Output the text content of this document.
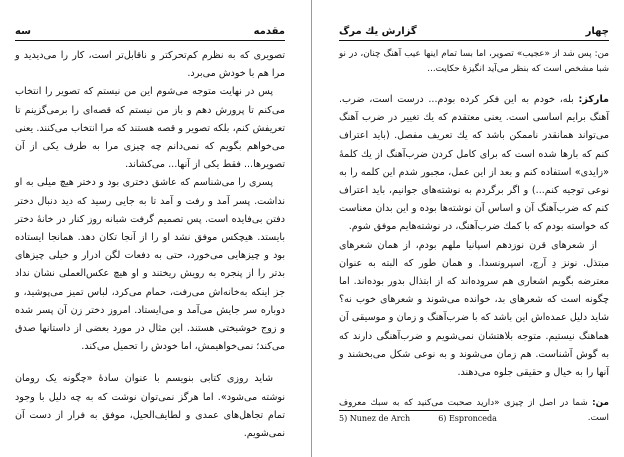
مقدمه
سه

تصویری که به نظرم کم‌تحرکتر و ناقابل‌تر است، کار را می‌دیدید و مرا هم با خودش می‌برد.

پس در نهایت متوجه می‌شوم این من نیستم که تصویر را انتخاب می‌کنم تا پرورش دهم و باز من نیستم که قصه‌ای را برمی‌گزینم تا تعریفش کنم، بلکه تصویر و قصه هستند که مرا انتخاب می‌کنند. یعنی می‌خواهم بگویم که نمی‌دانم چه چیزی مرا به طرف یکی از آن تصویرها... فقط یکی از آنها... می‌کشاند.

پسری را می‌شناسم که عاشق دختری بود و دختر هیچ میلی به او نداشت. پسر آمد و رفت و آمد تا به جایی رسید که دید دنبال دختر دفتن بی‌فایده است. پس تصمیم گرفت شبانه روز کنار در خانهٔ دختر بایستد. هیچکس موفق نشد او را از آنجا تکان دهد. همانجا ایستاده بود و چیزهایی می‌خورد، حتی به دفعات لگن ادرار و خیلی چیزهای بدتر را از پنجره به رویش ریختند و او هیچ عکس‌العملی نشان نداد جز اینکه به‌خانه‌اش می‌رفت، حمام می‌کرد، لباس تمیز می‌پوشید، و دوباره سر جایش می‌آمد و می‌ایستاد. امروز دختر زن آن پسر شده و زوج خوشبختی هستند. این مثال در مورد بعضی از داستانها صدق می‌کند؛ نمی‌خواهیمش، اما خودش را تحمیل می‌کند.

شاید روزی کتابی بنویسم با عنوان سادهٔ «چگونه یک رومان نوشته می‌شود». اما هرگز نمی‌توان نوشت که به چه دلیل با وجود تمام تجاهل‌های عمدی و لطایف‌الحیل، موفق به فرار از دست آن نمی‌شویم.

چهار
گزارش یك مرگ

من: پس شد از «عجیب» تصویر، اما بسا تمام اینها عیب آهنگ چنان، در نو شبا مشخص است که بنظر می‌آید انگیزهٔ حکایت...

مارکز: بله، خودم به این فکر کرده بودم... درست است، ضرب. آهنگ برایم اساسی است. یعنی معتقدم که یك تغییر در ضرب آهنگ می‌تواند همانقدر ناممکن باشد که یك تعریف مفصل. (باید اعتراف کنم که بارها شده است که برای کامل کردن ضرب‌آهنگ از یك کلمهٔ «زایدی» استفاده کنم و بعد از این عمل، مجبور شدم این کلمه را به نوعی توجیه کنم...) و اگر برگردم به نوشته‌های جوانیم، باید اعتراف کنم که ضرب‌آهنگ آن و اساس آن نوشته‌ها بوده و این بدان معناست که خواسته بودم که با کمك ضرب‌آهنگ، در نوشته‌هایم موفق شوم.

از شعرهای قرن نوزدهم اسپانیا ملهم بودم، از همان شعرهای مبتذل. نونز دِ آرچ، اسپرونسدا. و همان طور که البته به عنوان معترضه بگویم اشعاری هم سروده‌اند که از ابتذال بدور بوده‌اند. اما چگونه است که شعرهای بد، خوانده می‌شوند و شعرهای خوب نه؟ شاید دلیل عمده‌اش این باشد که با ضرب‌آهنگ و زمان و موسیقی آن هماهنگ نیستیم. متوجه بلاهتشان نمی‌شویم و ضرب‌آهنگی دارند که به گوش آشناست. هم زمان می‌شوند و به نوعی شکل می‌بخشند و آنها را به خیال و حقیقی جلوه می‌دهند.

من: شما در اصل از چیزی «دارید صحبت می‌کنید که به سبك معروف است.

5) Nunez de Arch	6) Espronceda
